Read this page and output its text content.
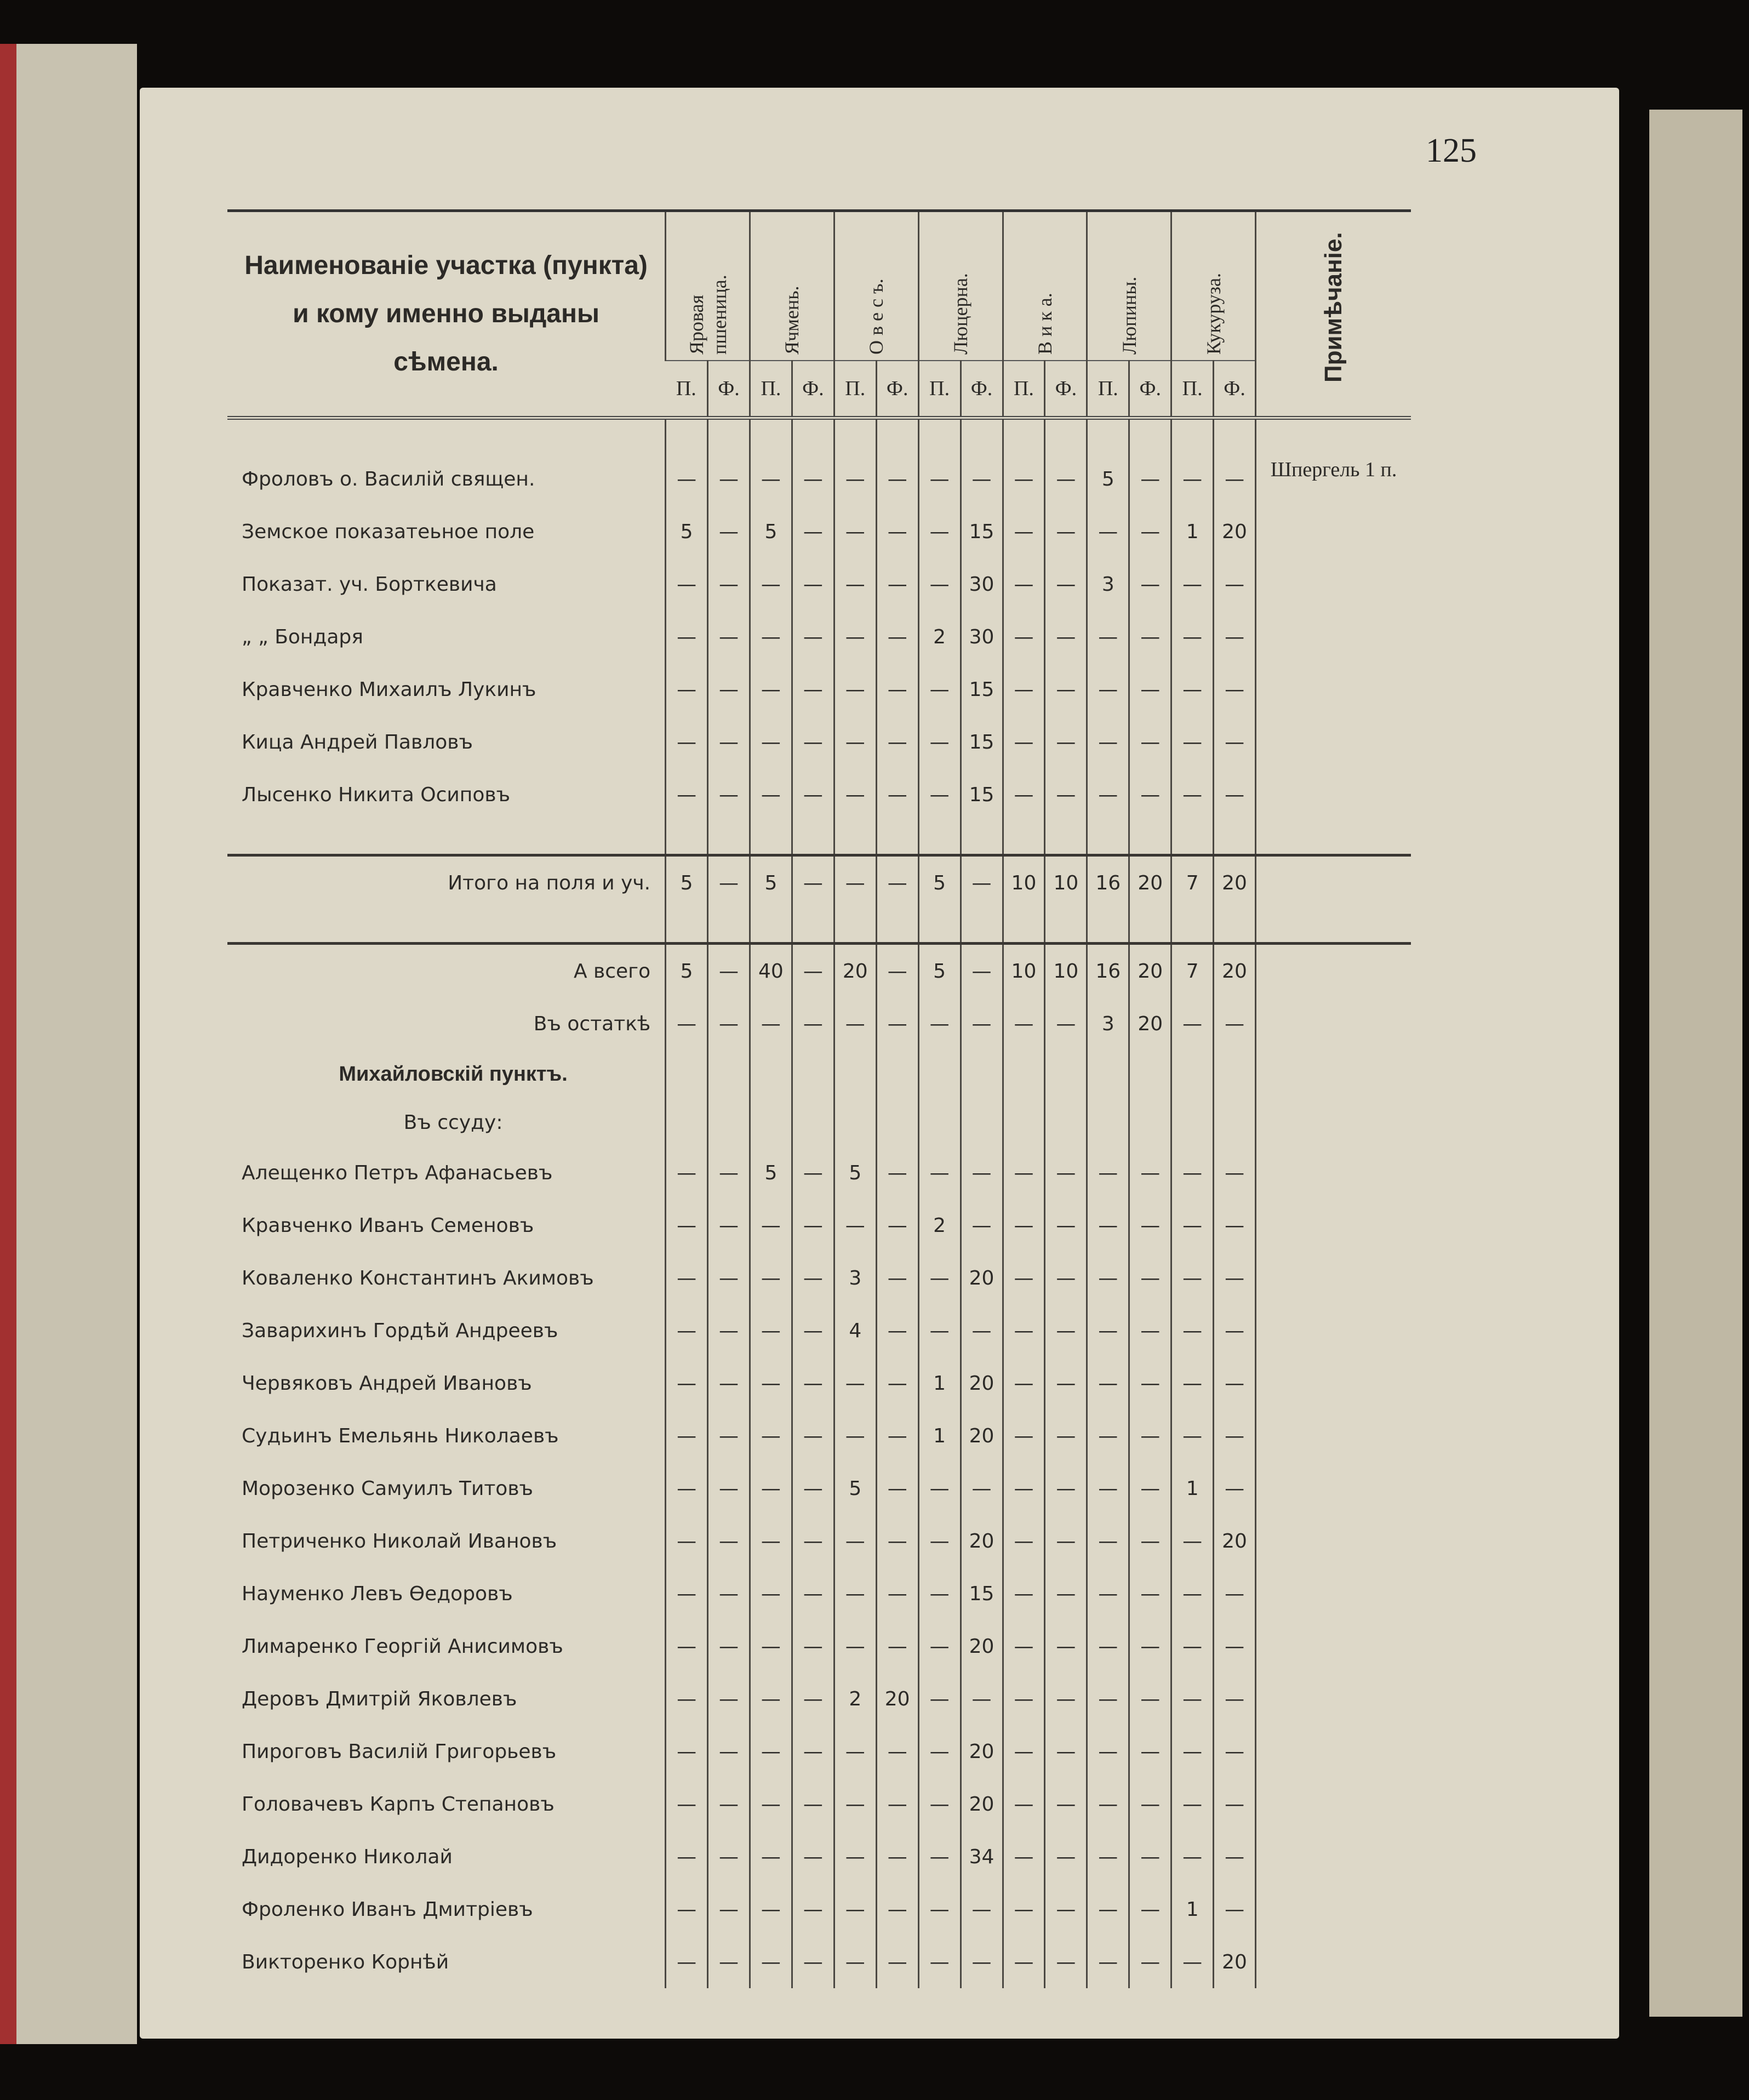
125
Наименованіе участка (пункта) и кому именно выданы сѣмена.	Яровая пшеница.		Ячмень.		О в е с ъ.		Люцерна.		В и к а.		Люпины.		Кукуруза.		Примѣчаніе.

	П.	Ф.	П.	Ф.	П.	Ф.	П.	Ф.	П.	Ф.	П.	Ф.	П.	Ф.	

Фроловъ о. Василій священ.	—	—	—	—	—	—	—	—	—	—	5	—	—	—	Шпергель 1 п.
Земское показатеьное поле	5	—	5	—	—	—	—	15	—	—	—	—	1	20	
Показат. уч. Борткевича	—	—	—	—	—	—	—	30	—	—	3	—	—	—	
„ „ Бондаря	—	—	—	—	—	—	2	30	—	—	—	—	—	—	
Кравченко Михаилъ Лукинъ	—	—	—	—	—	—	—	15	—	—	—	—	—	—	
Кица Андрей Павловъ	—	—	—	—	—	—	—	15	—	—	—	—	—	—	
Лысенко Никита Осиповъ	—	—	—	—	—	—	—	15	—	—	—	—	—	—	

Итого на поля и уч.	5	—	5	—	—	—	5	—	10	10	16	20	7	20	

А всего	5	—	40	—	20	—	5	—	10	10	16	20	7	20	
Въ остаткѣ	—	—	—	—	—	—	—	—	—	—	3	20	—	—	
Михайловскій пунктъ.															
Въ ссуду:															
Алещенко Петръ Афанасьевъ	—	—	5	—	5	—	—	—	—	—	—	—	—	—	
Кравченко Иванъ Семеновъ	—	—	—	—	—	—	2	—	—	—	—	—	—	—	
Коваленко Константинъ Акимовъ	—	—	—	—	3	—	—	20	—	—	—	—	—	—	
Заварихинъ Гордѣй Андреевъ	—	—	—	—	4	—	—	—	—	—	—	—	—	—	
Червяковъ Андрей Ивановъ	—	—	—	—	—	—	1	20	—	—	—	—	—	—	
Судьинъ Емельянь Николаевъ	—	—	—	—	—	—	1	20	—	—	—	—	—	—	
Морозенко Самуилъ Титовъ	—	—	—	—	5	—	—	—	—	—	—	—	1	—	
Петриченко Николай Ивановъ	—	—	—	—	—	—	—	20	—	—	—	—	—	20	
Науменко Левъ Ѳедоровъ	—	—	—	—	—	—	—	15	—	—	—	—	—	—	
Лимаренко Георгій Анисимовъ	—	—	—	—	—	—	—	20	—	—	—	—	—	—	
Деровъ Дмитрій Яковлевъ	—	—	—	—	2	20	—	—	—	—	—	—	—	—	
Пироговъ Василій Григорьевъ	—	—	—	—	—	—	—	20	—	—	—	—	—	—	
Головачевъ Карпъ Степановъ	—	—	—	—	—	—	—	20	—	—	—	—	—	—	
Дидоренко Николай	—	—	—	—	—	—	—	34	—	—	—	—	—	—	
Фроленко Иванъ Дмитріевъ	—	—	—	—	—	—	—	—	—	—	—	—	1	—	
Викторенко Корнѣй	—	—	—	—	—	—	—	—	—	—	—	—	—	20	
